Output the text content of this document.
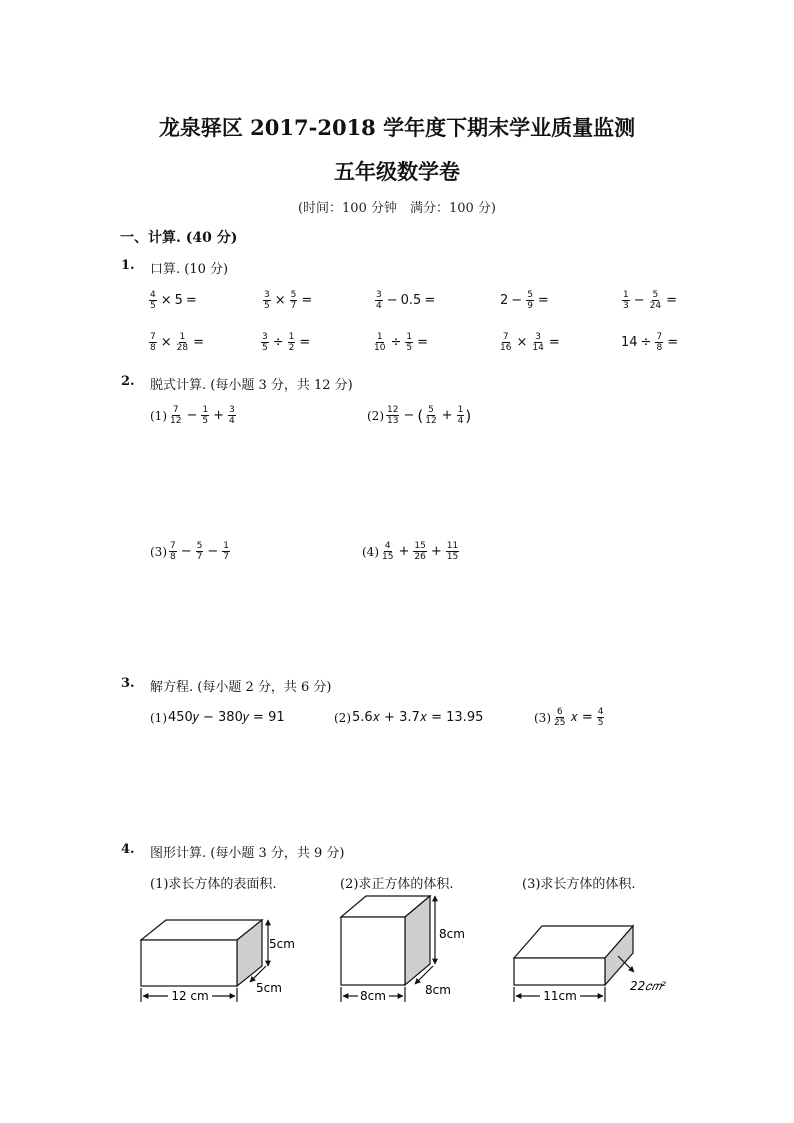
龙泉驿区 2017-2018 学年度下期末学业质量监测
五年级数学卷
(时间：100 分钟　满分：100 分)
一、计算. (40 分)
1. 口算. (10 分)
$\frac{4}{5} \times 5$ =	$\frac{3}{5} \times \frac{5}{7}$ =	$\frac{3}{4} - 0.5$ =	$2 - \frac{5}{9}$ =	$\frac{1}{3} - \frac{5}{24}$ =
$\frac{7}{8} \times \frac{1}{28}$ =	$\frac{3}{5} \div \frac{1}{2}$ =	$\frac{1}{10} \div \frac{1}{5}$ =	$\frac{7}{16} \times \frac{3}{14}$ =	$14 \div \frac{7}{8}$ =
2. 脱式计算. (每小题 3 分，共 12 分)
$(1) \frac{7}{12} - \frac{1}{5} + \frac{3}{4}$	$(2) \frac{12}{13}$ − ( $\frac{5}{12} + \frac{1}{4}$ )
$(3) \frac{7}{8} - \frac{5}{7} - \frac{1}{7}$	$(4) \frac{4}{15} + \frac{15}{26} + \frac{11}{15}$
3. 解方程. (每小题 2 分，共 6 分)
(1) 450𝑦 − 380𝑦 = 91	(2) 5.6𝑥 + 3.7𝑥 = 13.95	$(3) \frac{6}{25}$ 𝑥 = $\frac{4}{5}$
4. 图形计算. (每小题 3 分，共 9 分)
(1)求长方体的表面积.	(2)求正方体的体积.	(3)求长方体的体积.
5cm
5cm
12 cm
8cm
8cm
8cm
22𝑐𝑚²
11cm
